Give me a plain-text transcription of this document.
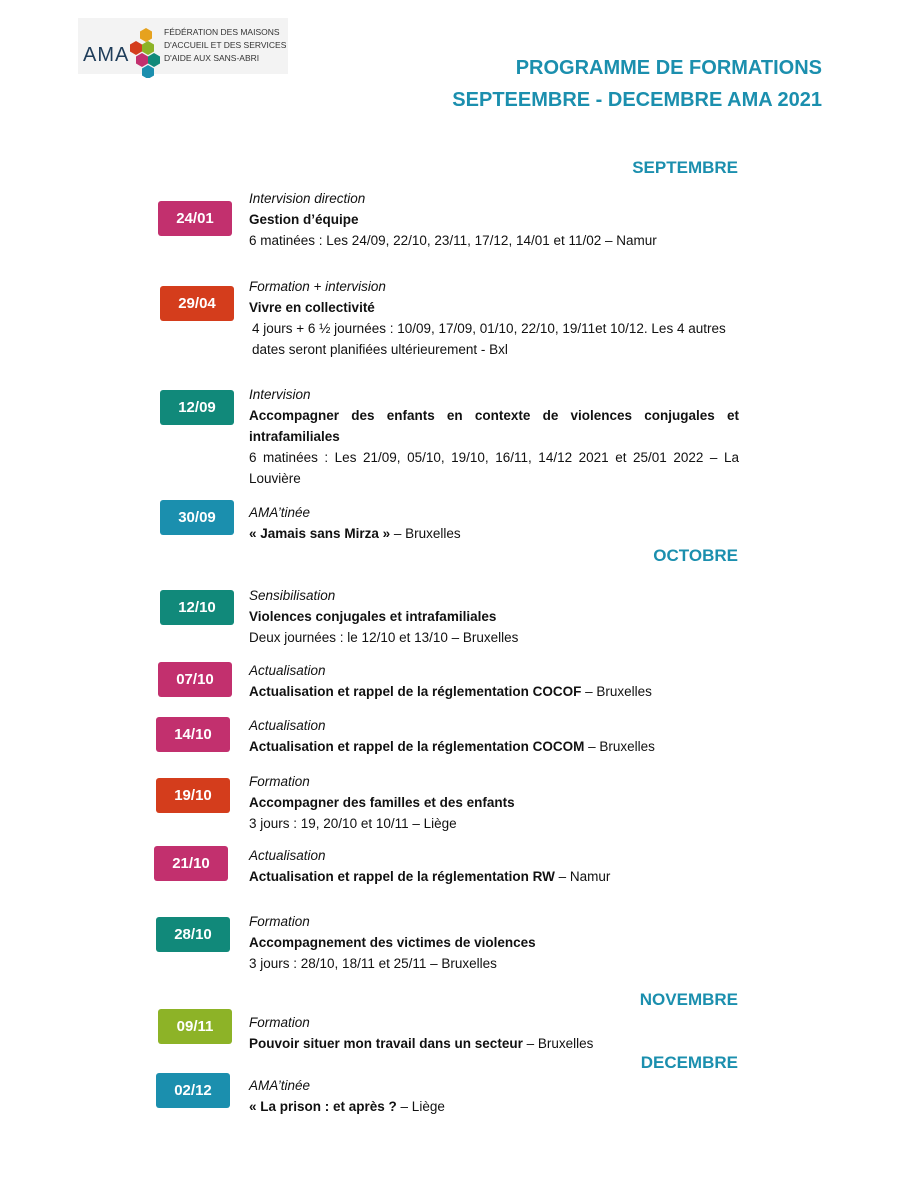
AMA
FÉDÉRATION DES MAISONS
D'ACCUEIL ET DES SERVICES
D'AIDE AUX SANS-ABRI	PROGRAMME DE FORMATIONS
SEPTEEMBRE - DECEMBRE AMA 2021
SEPTEMBRE
OCTOBRE
NOVEMBRE
DECEMBRE
24/01
Intervision direction
Gestion d’équipe
6 matinées : Les 24/09, 22/10, 23/11, 17/12, 14/01 et 11/02 – Namur
29/04
Formation + intervision
Vivre en collectivité
4 jours + 6 ½ journées : 10/09, 17/09, 01/10, 22/10, 19/11et 10/12. Les 4 autres dates seront planifiées ultérieurement - Bxl
12/09
Intervision
Accompagner des enfants en contexte de violences conjugales et intrafamiliales
6 matinées : Les 21/09, 05/10, 19/10, 16/11, 14/12 2021 et 25/01 2022 – La Louvière
30/09	AMA’tinée
« Jamais sans Mirza » – Bruxelles
12/10
Sensibilisation
Violences conjugales et intrafamiliales
Deux journées : le 12/10 et 13/10 – Bruxelles
07/10
Actualisation
Actualisation et rappel de la réglementation COCOF – Bruxelles
14/10
Actualisation
Actualisation et rappel de la réglementation COCOM – Bruxelles
19/10
Formation
Accompagner des familles et des enfants
3 jours : 19, 20/10 et 10/11 – Liège
21/10	Actualisation
Actualisation et rappel de la réglementation RW – Namur
28/10
Formation
Accompagnement des victimes de violences
3 jours : 28/10, 18/11 et 25/11 – Bruxelles
09/11	Formation
Pouvoir situer mon travail dans un secteur – Bruxelles
02/12	AMA’tinée
« La prison : et après ? – Liège
